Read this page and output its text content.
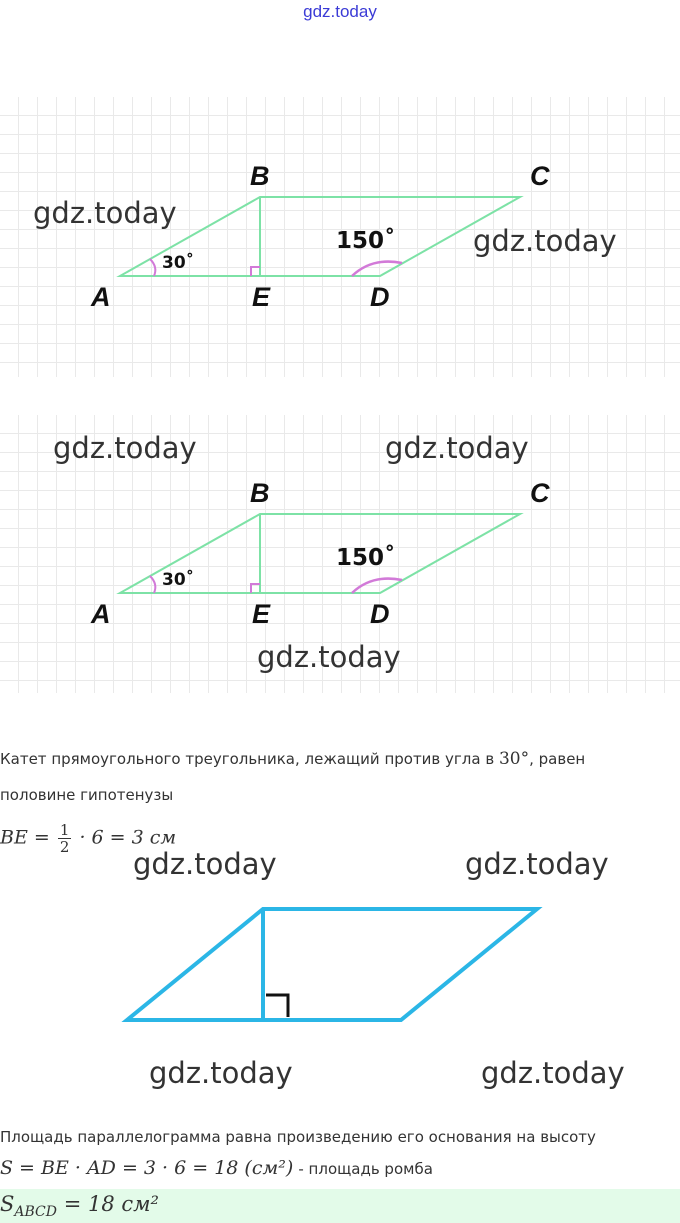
gdz.today
B	C
A	E	D
30˚
150˚
gdz.today
gdz.today
B	C
A	E	D
30˚
150˚
gdz.today	gdz.today
gdz.today
Катет прямоугольного треугольника, лежащий против угла в 30°, равен
половине гипотенузы
BE = $\frac{1}{2} \cdot 6 = 3$ см
gdz.today	gdz.today
gdz.today	gdz.today
Площадь параллелограмма равна произведению его основания на высоту
S = BE · AD = 3 · 6 = 18 (см²) - площадь ромба
$S_{ABCD} = 18$ см²
